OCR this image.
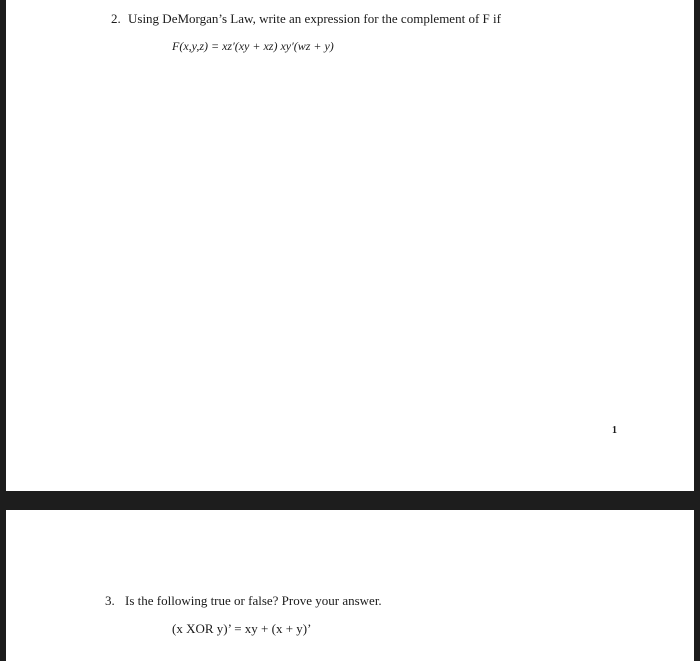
2. Using DeMorgan’s Law, write an expression for the complement of F if
F(x,y,z) = xz′(xy + xz) xy′(wz + y)
1
3. Is the following true or false? Prove your answer.
(x XOR y)’ = xy + (x + y)’
